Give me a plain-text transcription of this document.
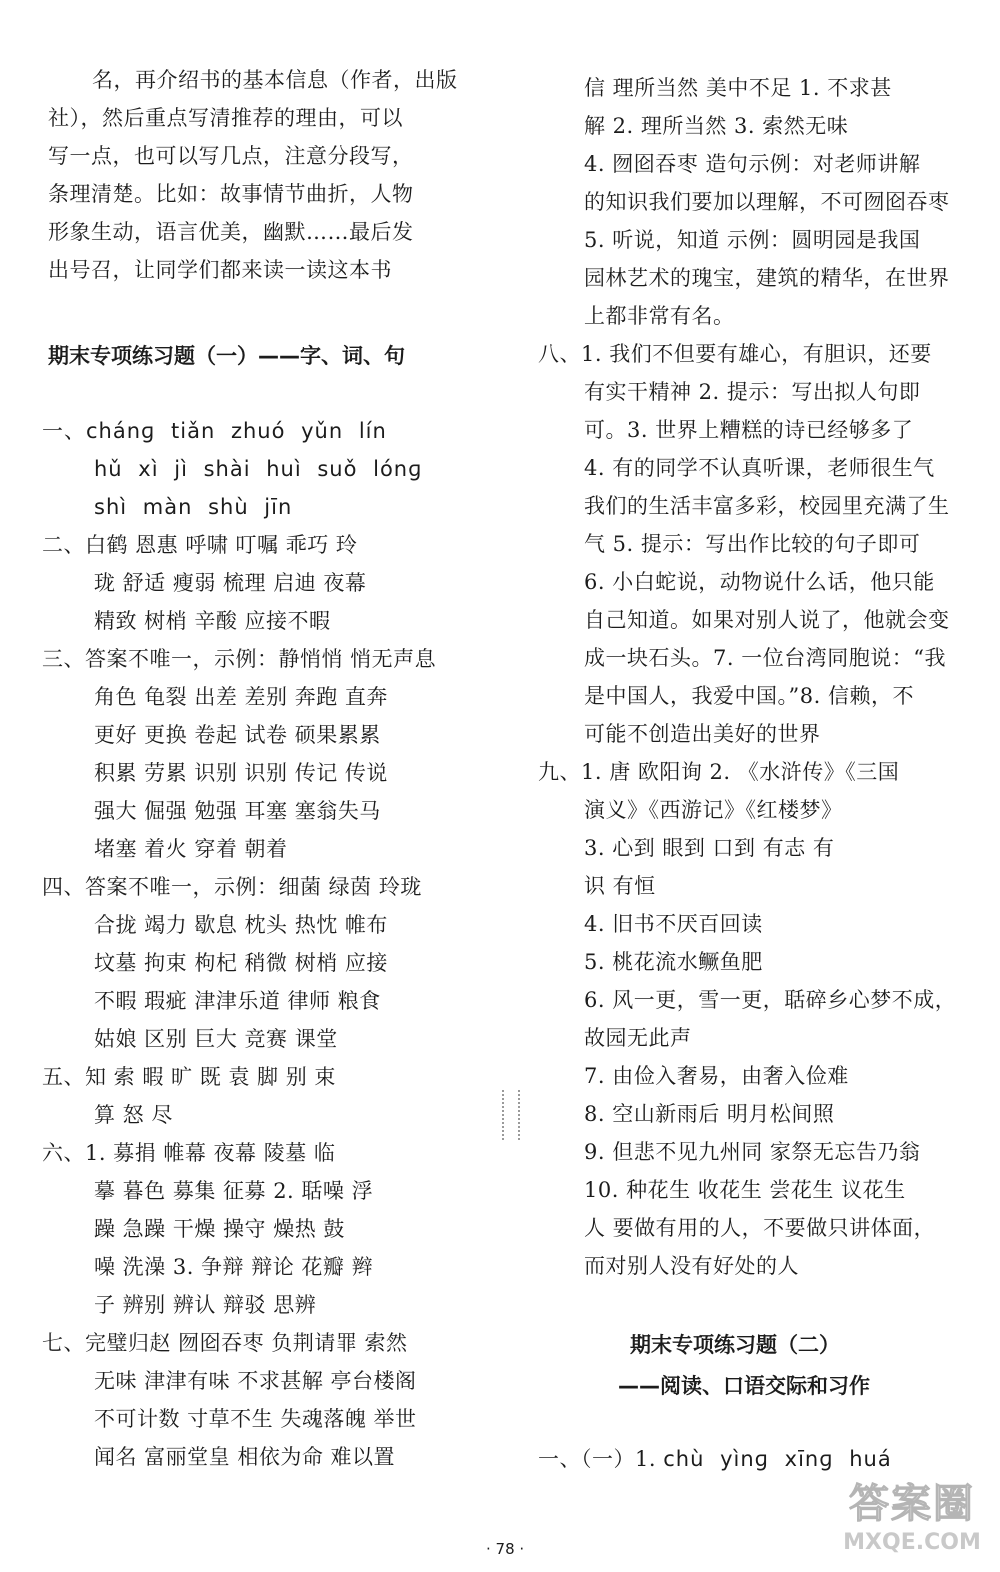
名，再介绍书的基本信息（作者，出版
社），然后重点写清推荐的理由，可以
写一点，也可以写几点，注意分段写，
条理清楚。比如：故事情节曲折，人物
形象生动，语言优美，幽默……最后发
出号召，让同学们都来读一读这本书
期末专项练习题（一）——字、词、句
一、chánɡ tiǎn zhuó yǔn lín
hǔ xì jì shài huì suǒ lónɡ
shì màn shù jīn
二、白鹤 恩惠 呼啸 叮嘱 乖巧 玲
珑 舒适 瘦弱 梳理 启迪 夜幕
精致 树梢 辛酸 应接不暇
三、答案不唯一，示例：静悄悄 悄无声息
角色 龟裂 出差 差别 奔跑 直奔
更好 更换 卷起 试卷 硕果累累
积累 劳累 识别 识别 传记 传说
强大 倔强 勉强 耳塞 塞翁失马
堵塞 着火 穿着 朝着
四、答案不唯一，示例：细菌 绿茵 玲珑
合拢 竭力 歇息 枕头 热忱 帷布
坟墓 拘束 枸杞 稍微 树梢 应接
不暇 瑕疵 津津乐道 律师 粮食
姑娘 区别 巨大 竞赛 课堂
五、知 索 暇 旷 既 袁 脚 别 束
算 怒 尽
六、1. 募捐 帷幕 夜幕 陵墓 临
摹 暮色 募集 征募 2. 聒噪 浮
躁 急躁 干燥 操守 燥热 鼓
噪 洗澡 3. 争辩 辩论 花瓣 辫
子 辨别 辨认 辩驳 思辨
七、完璧归赵 囫囵吞枣 负荆请罪 索然
无味 津津有味 不求甚解 亭台楼阁
不可计数 寸草不生 失魂落魄 举世
闻名 富丽堂皇 相依为命 难以置
信 理所当然 美中不足 1. 不求甚
解 2. 理所当然 3. 索然无味
4. 囫囵吞枣 造句示例：对老师讲解
的知识我们要加以理解，不可囫囵吞枣
5. 听说，知道 示例：圆明园是我国
园林艺术的瑰宝，建筑的精华，在世界
上都非常有名。
八、1. 我们不但要有雄心，有胆识，还要
有实干精神 2. 提示：写出拟人句即
可。3. 世界上糟糕的诗已经够多了
4. 有的同学不认真听课，老师很生气
我们的生活丰富多彩，校园里充满了生
气 5. 提示：写出作比较的句子即可
6. 小白蛇说，动物说什么话，他只能
自己知道。如果对别人说了，他就会变
成一块石头。7. 一位台湾同胞说：“我
是中国人，我爱中国。”8. 信赖，不
可能不创造出美好的世界
九、1. 唐 欧阳询 2. 《水浒传》《三国
演义》《西游记》《红楼梦》
3. 心到 眼到 口到 有志 有
识 有恒
4. 旧书不厌百回读
5. 桃花流水鳜鱼肥
6. 风一更，雪一更，聒碎乡心梦不成，
故园无此声
7. 由俭入奢易，由奢入俭难
8. 空山新雨后 明月松间照
9. 但悲不见九州同 家祭无忘告乃翁
10. 种花生 收花生 尝花生 议花生
人 要做有用的人，不要做只讲体面，
而对别人没有好处的人
期末专项练习题（二）
——阅读、口语交际和习作
一、（一）1. chù yìnɡ xīnɡ huá
· 78 ·
答案圈
MXQE.COM
